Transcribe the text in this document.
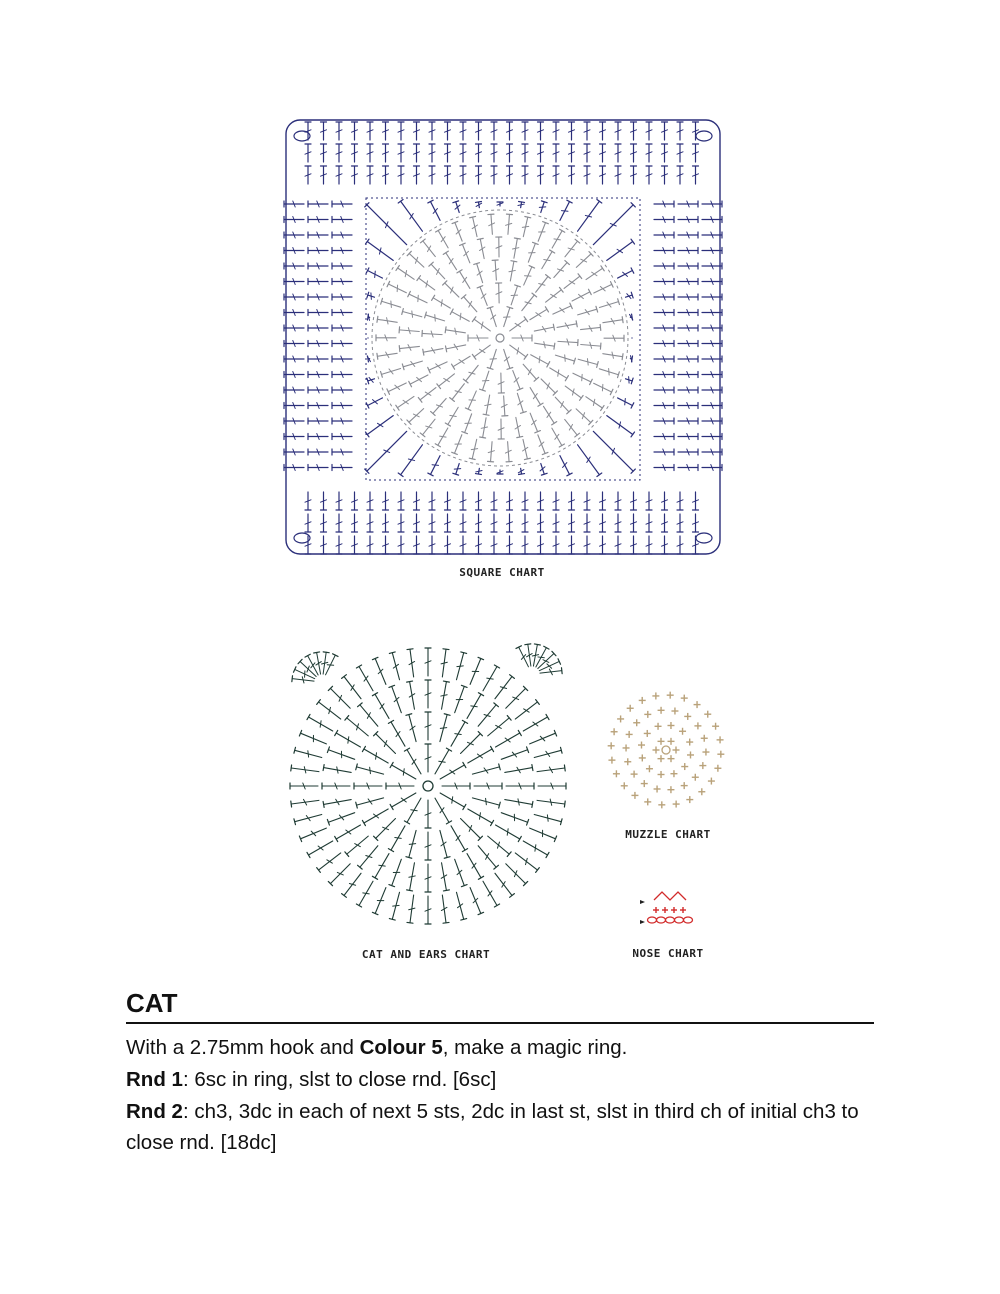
SQUARE CHART
CAT AND EARS CHART
MUZZLE CHART
NOSE CHART
CAT
With a 2.75mm hook and Colour 5, make a magic ring.
Rnd 1: 6sc in ring, slst to close rnd. [6sc]
Rnd 2: ch3, 3dc in each of next 5 sts, 2dc in last st, slst in third ch of initial ch3 to close rnd. [18dc]
